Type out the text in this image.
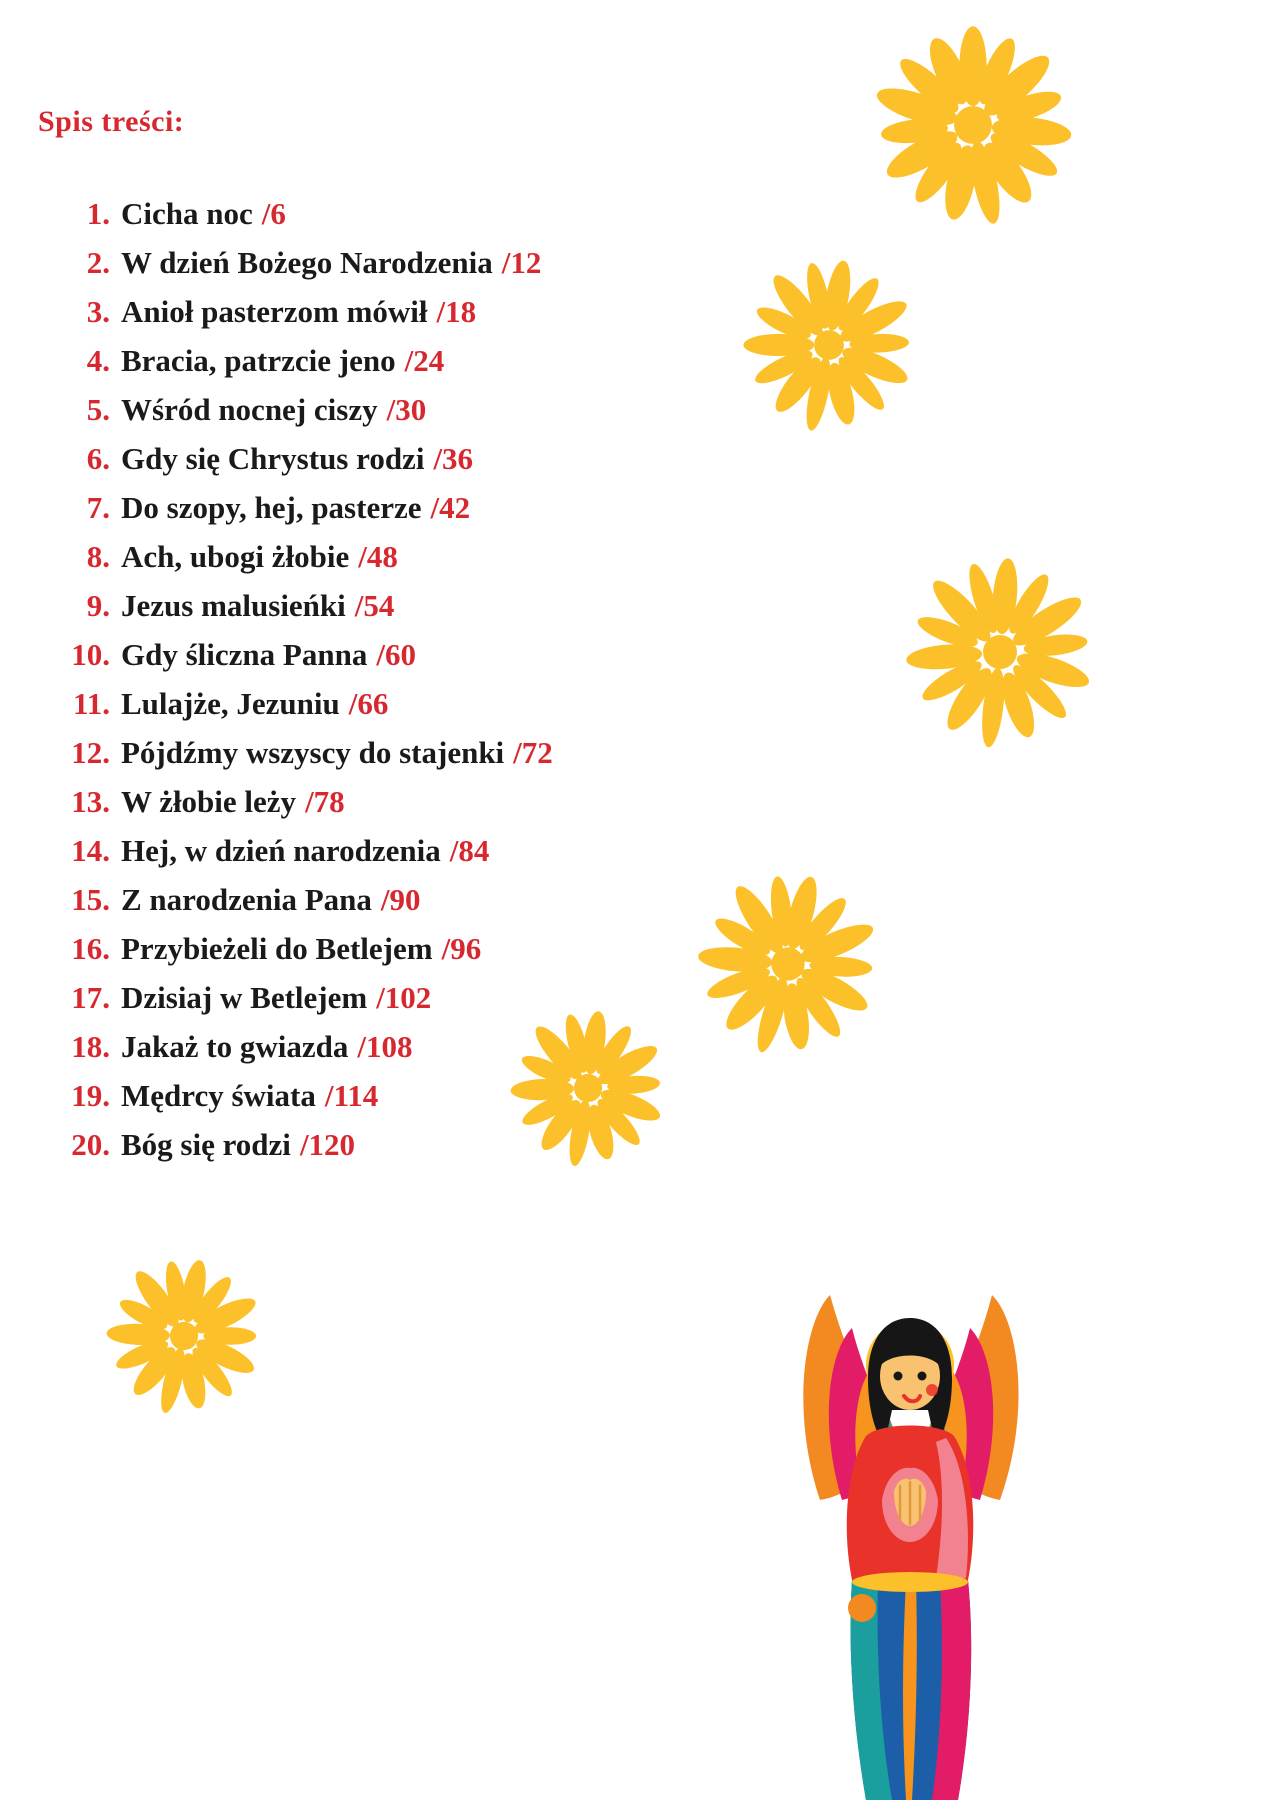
Spis treści:
1. Cicha noc /6
2. W dzień Bożego Narodzenia /12
3. Anioł pasterzom mówił /18
4. Bracia, patrzcie jeno /24
5. Wśród nocnej ciszy /30
6. Gdy się Chrystus rodzi /36
7. Do szopy, hej, pasterze /42
8. Ach, ubogi żłobie /48
9. Jezus malusieńki /54
10. Gdy śliczna Panna /60
11. Lulajże, Jezuniu /66
12. Pójdźmy wszyscy do stajenki /72
13. W żłobie leży /78
14. Hej, w dzień narodzenia /84
15. Z narodzenia Pana /90
16. Przybieżeli do Betlejem /96
17. Dzisiaj w Betlejem /102
18. Jakaż to gwiazda /108
19. Mędrcy świata /114
20. Bóg się rodzi /120
